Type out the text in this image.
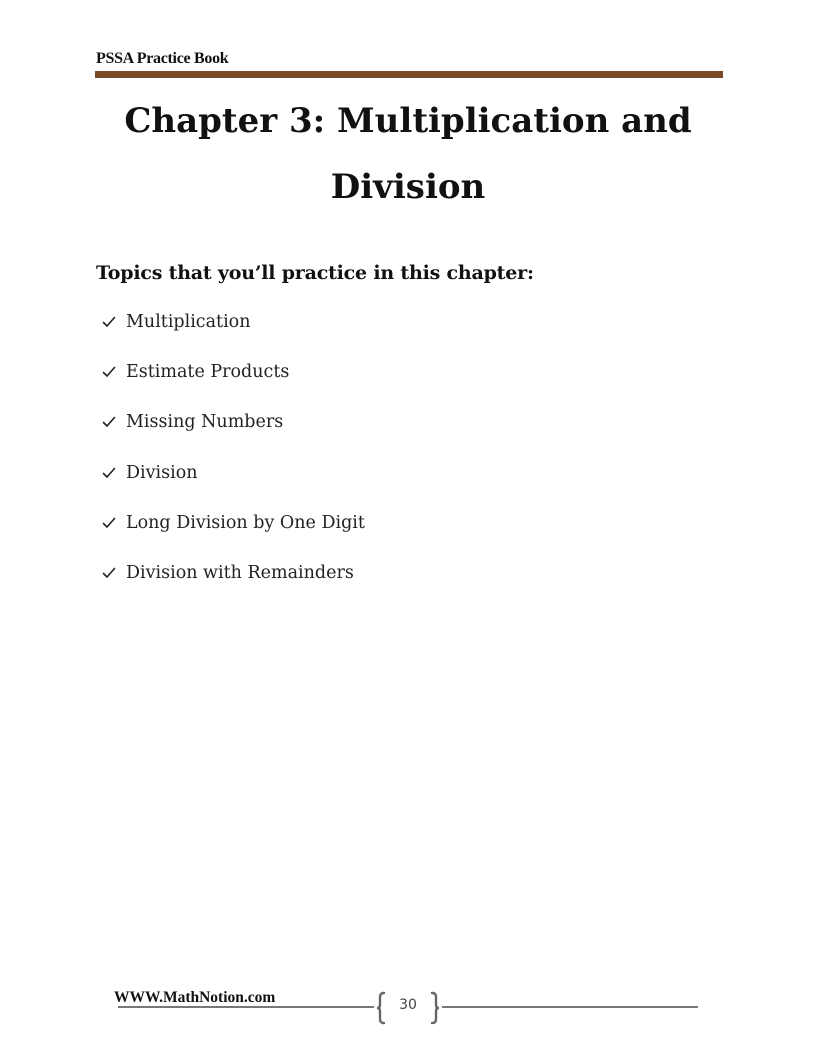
PSSA Practice Book
Chapter 3: Multiplication and Division
Topics that you’ll practice in this chapter:
Multiplication
Estimate Products
Missing Numbers
Division
Long Division by One Digit
Division with Remainders
WWW.MathNotion.com	30
